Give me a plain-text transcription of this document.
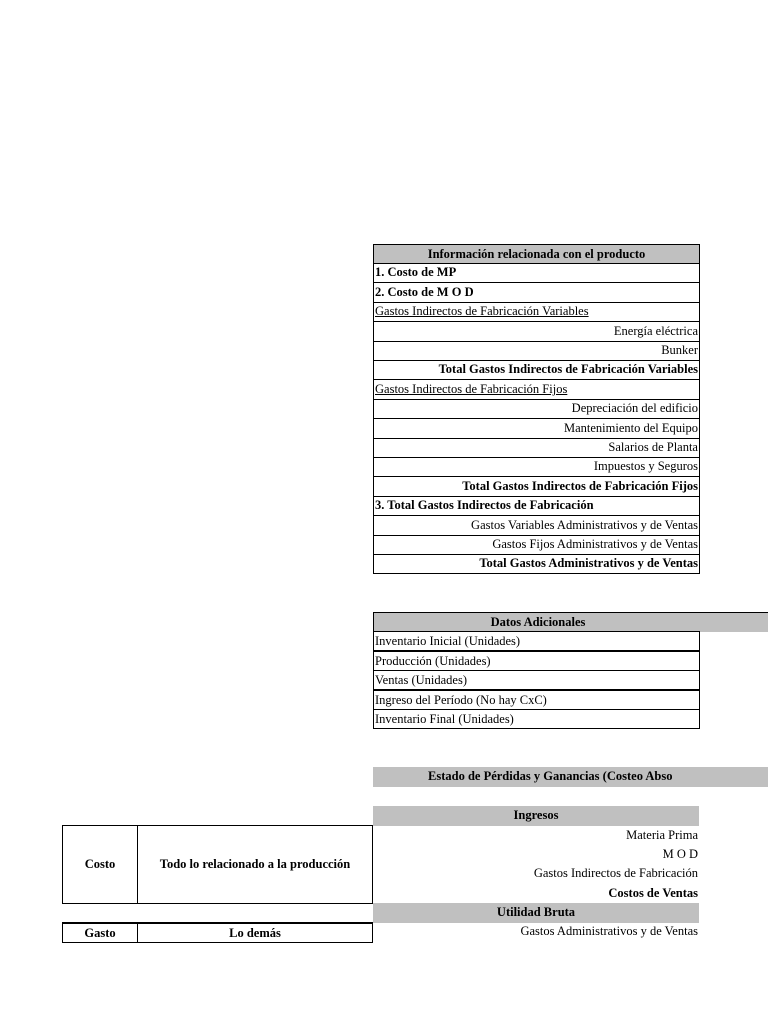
Información relacionada con el producto
1. Costo de MP
2. Costo de M O D
Gastos Indirectos de Fabricación Variables
Energía eléctrica
Bunker
Total Gastos Indirectos de Fabricación Variables
Gastos Indirectos de Fabricación Fijos
Depreciación del edificio
Mantenimiento del Equipo
Salarios de Planta
Impuestos y Seguros
Total Gastos Indirectos de Fabricación Fijos
3. Total Gastos Indirectos de Fabricación
Gastos Variables Administrativos y de Ventas
Gastos Fijos Administrativos y de Ventas
Total Gastos Administrativos y de Ventas
Datos Adicionales
Inventario Inicial (Unidades)
Producción (Unidades)
Ventas (Unidades)
Ingreso del Período (No hay CxC)
Inventario Final (Unidades)
Estado de Pérdidas y Ganancias (Costeo Abso
Ingresos
Materia Prima
M O D
Gastos Indirectos de Fabricación
Costos de Ventas
Utilidad Bruta
Gastos Administrativos y de Ventas
Costo	Todo lo relacionado a la producción
Gasto	Lo demás
